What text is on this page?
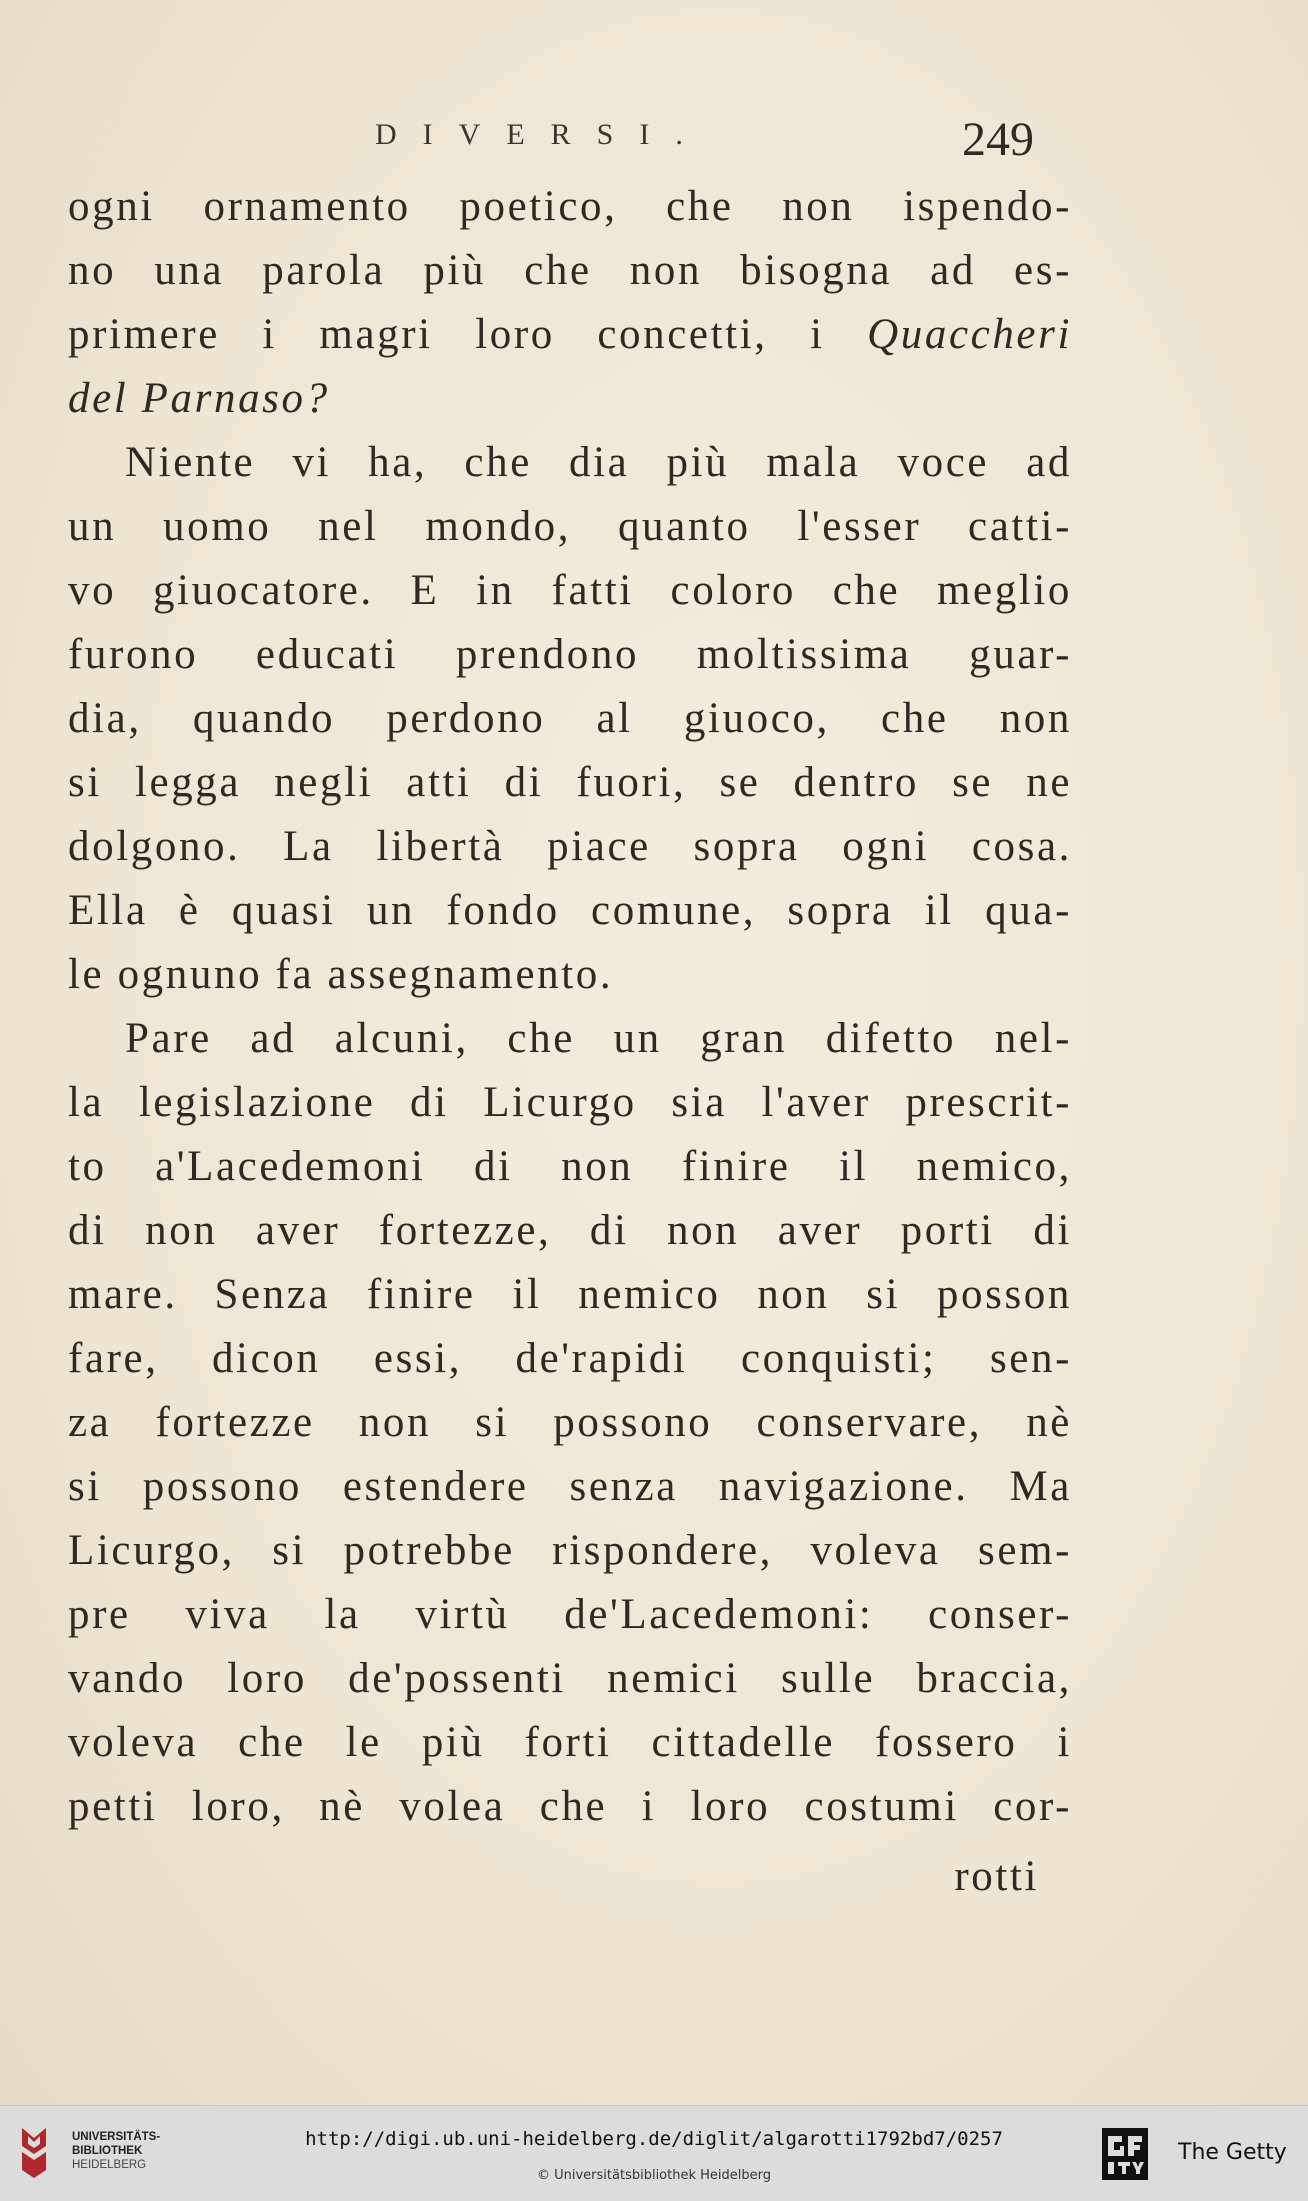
DIVERSI.	249
ogni ornamento poetico, che non ispendo-
no una parola più che non bisogna ad es-
primere i magri loro concetti, i Quaccheri
del Parnaso?
Niente vi ha, che dia più mala voce ad
un uomo nel mondo, quanto l'esser catti-
vo giuocatore. E in fatti coloro che meglio
furono educati prendono moltissima guar-
dia, quando perdono al giuoco, che non
si legga negli atti di fuori, se dentro se ne
dolgono. La libertà piace sopra ogni cosa.
Ella è quasi un fondo comune, sopra il qua-
le ognuno fa assegnamento.
Pare ad alcuni, che un gran difetto nel-
la legislazione di Licurgo sia l'aver prescrit-
to a'Lacedemoni di non finire il nemico,
di non aver fortezze, di non aver porti di
mare. Senza finire il nemico non si posson
fare, dicon essi, de'rapidi conquisti; sen-
za fortezze non si possono conservare, nè
si possono estendere senza navigazione. Ma
Licurgo, si potrebbe rispondere, voleva sem-
pre viva la virtù de'Lacedemoni: conser-
vando loro de'possenti nemici sulle braccia,
voleva che le più forti cittadelle fossero i
petti loro, nè volea che i loro costumi cor-
rotti
UNIVERSITÄTS-
BIBLIOTHEK
HEIDELBERG
http://digi.ub.uni-heidelberg.de/diglit/algarotti1792bd7/0257
© Universitätsbibliothek Heidelberg
The Getty
